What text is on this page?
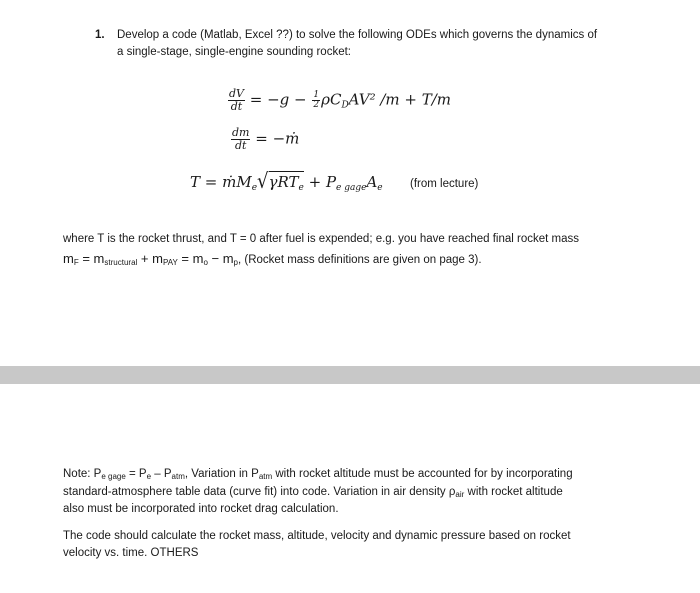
1. Develop a code (Matlab, Excel ??) to solve the following ODEs which governs the dynamics of
a single-stage, single-engine sounding rocket:
$\frac{dV}{dt} = -g - \frac{1}{2} \rho C_DAV^2$ /m + T/m
$\frac{dm}{dt}$ = −ṁ
T = ṁM$_e$√γRT$_e$ + $P_{e gage}A_e$ (from lecture)
where T is the rocket thrust, and T = 0 after fuel is expended; e.g. you have reached final rocket mass
mF = mstructural + mPAY = mo − mp, (Rocket mass definitions are given on page 3).
Note: Pe gage = Pe – Patm, Variation in Patm with rocket altitude must be accounted for by incorporating
standard-atmosphere table data (curve fit) into code. Variation in air density ρair with rocket altitude
also must be incorporated into rocket drag calculation.
The code should calculate the rocket mass, altitude, velocity and dynamic pressure based on rocket
velocity vs. time. OTHERS
